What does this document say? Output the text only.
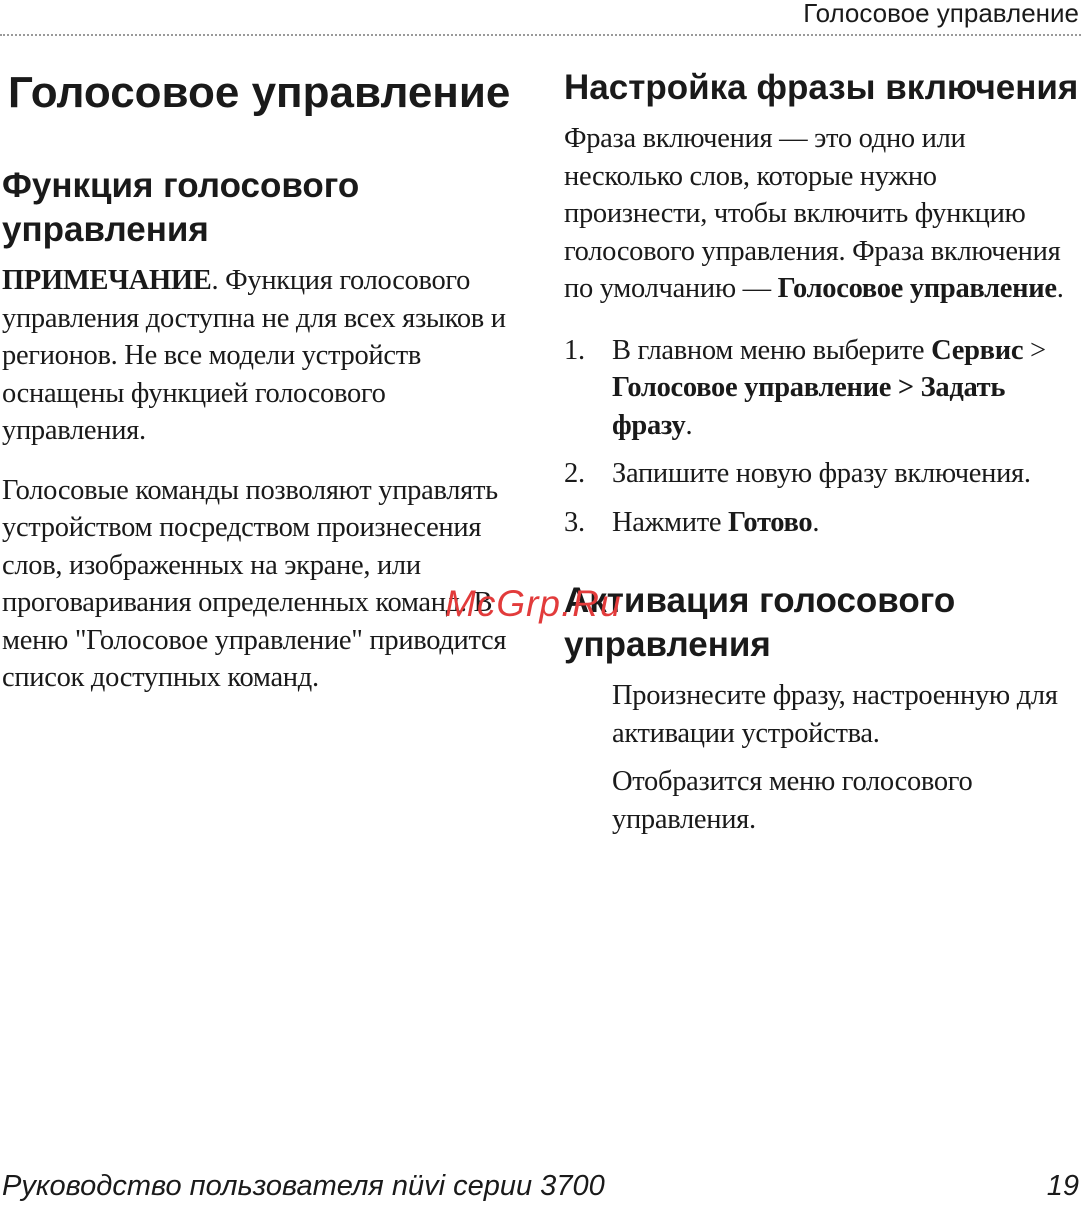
Голосовое управление
Голосовое управление
Функция голосового управления

ПРИМЕЧАНИЕ. Функция голосового управления доступна не для всех языков и регионов. Не все модели устройств оснащены функцией голосового управления.

Голосовые команды позволяют управлять устройством посредством произнесения слов, изображенных на экране, или проговаривания определенных команд. В меню "Голосовое управление" приводится список доступных команд.

Настройка фразы включения

Фраза включения — это одно или несколько слов, которые нужно произнести, чтобы включить функцию голосового управления. Фраза включения по умолчанию — Голосовое управление.

1. В главном меню выберите Сервис > Голосовое управление > Задать фразу.
2. Запишите новую фразу включения.
3. Нажмите Готово.
Активация голосового управления

Произнесите фразу, настроенную для активации устройства.

Отобразится меню голосового управления.

McGrp.Ru
Руководство пользователя nüvi серии 3700	19
